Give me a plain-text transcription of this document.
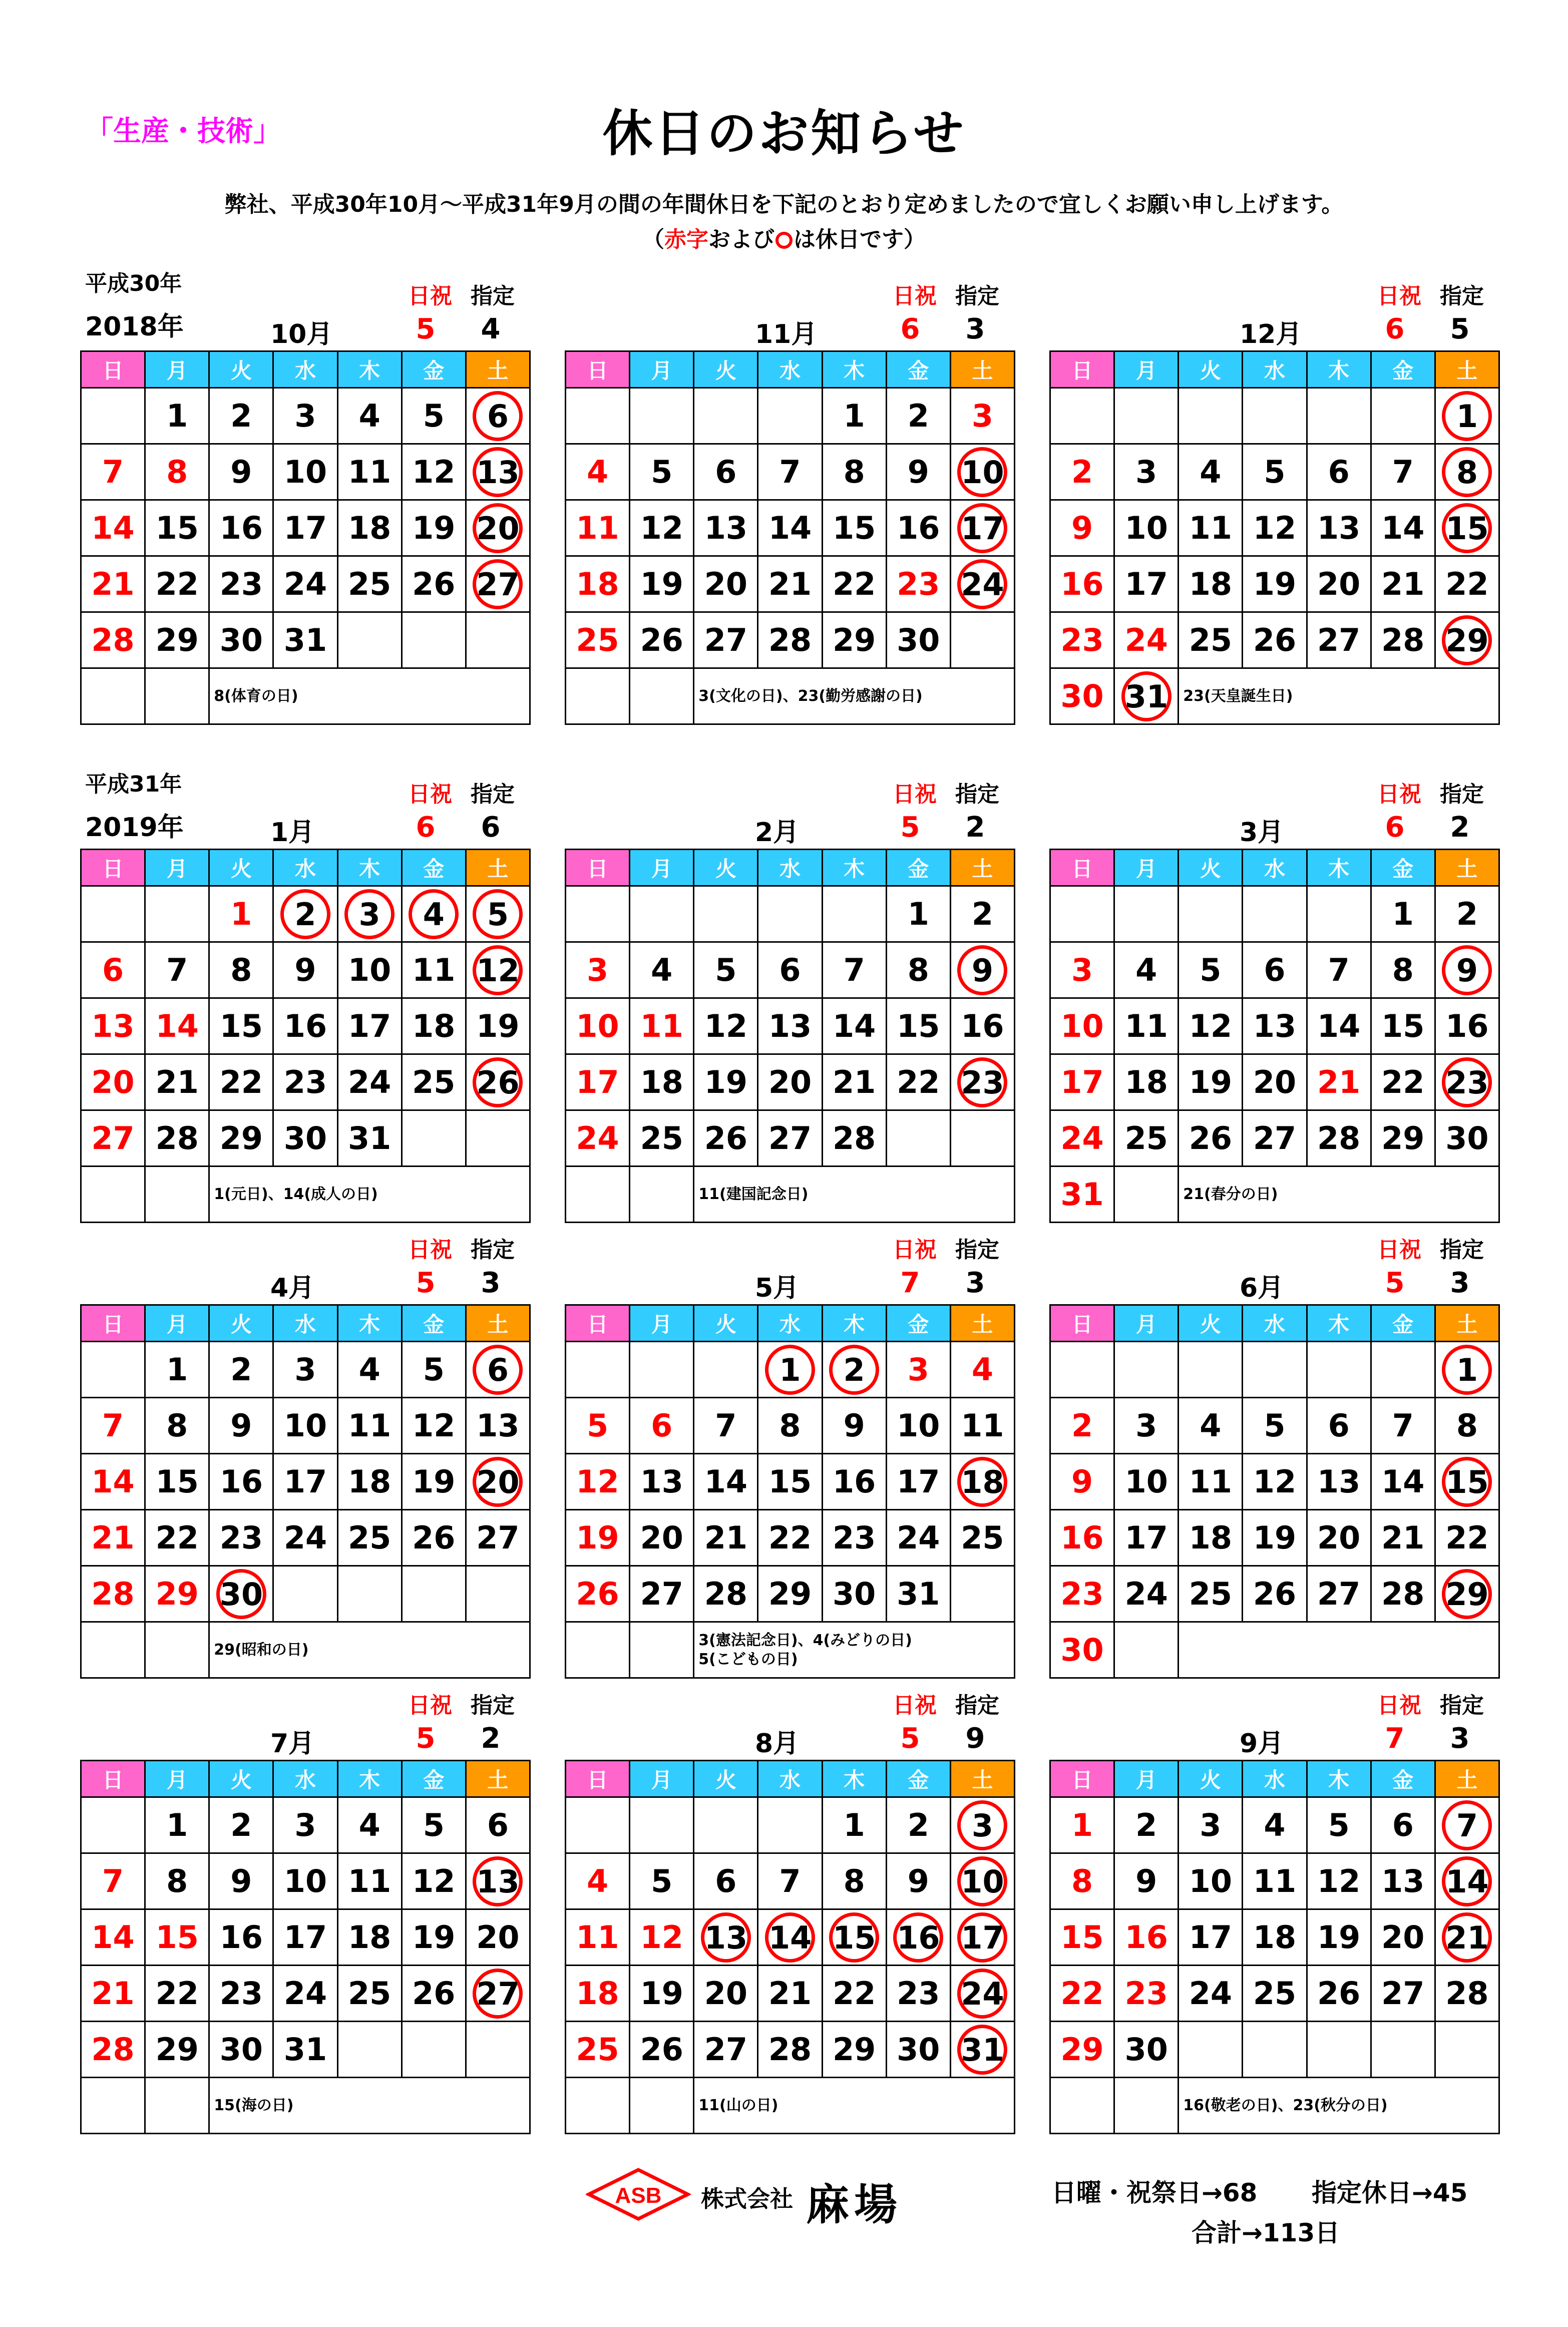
「生産・技術」	休日のお知らせ
弊社、平成30年10月～平成31年9月の間の年間休日を下記のとおり定めましたので宜しくお願い申し上げます。
（赤字および ○ は休日です）
平成30年
2018年
平成31年
2019年
日祝 指定
10月	5 4
日	月	火	水	木	金	土
	1	2	3	4	5	6
7	8	9	10	11	12	13
14	15	16	17	18	19	20
21	22	23	24	25	26	27
28	29	30	31			
		8(体育の日)				
日祝 指定
11月	6 3
日	月	火	水	木	金	土
				1	2	3
4	5	6	7	8	9	10
11	12	13	14	15	16	17
18	19	20	21	22	23	24
25	26	27	28	29	30	
		3(文化の日)、23(勤労感謝の日)				
日祝 指定
12月	6 5
日	月	火	水	木	金	土
						1
2	3	4	5	6	7	8
9	10	11	12	13	14	15
16	17	18	19	20	21	22
23	24	25	26	27	28	29
30	31	23(天皇誕生日)				
日祝 指定
1月	6 6
日	月	火	水	木	金	土
		1	2	3	4	5
6	7	8	9	10	11	12
13	14	15	16	17	18	19
20	21	22	23	24	25	26
27	28	29	30	31		
		1(元日)、14(成人の日)				
日祝 指定
2月	5 2
日	月	火	水	木	金	土
					1	2
3	4	5	6	7	8	9
10	11	12	13	14	15	16
17	18	19	20	21	22	23
24	25	26	27	28		
		11(建国記念日)				
日祝 指定
3月	6 2
日	月	火	水	木	金	土
					1	2
3	4	5	6	7	8	9
10	11	12	13	14	15	16
17	18	19	20	21	22	23
24	25	26	27	28	29	30
31		21(春分の日)				
日祝 指定
4月	5 3
日	月	火	水	木	金	土
	1	2	3	4	5	6
7	8	9	10	11	12	13
14	15	16	17	18	19	20
21	22	23	24	25	26	27
28	29	30				
		29(昭和の日)				
日祝 指定
5月	7 3
日	月	火	水	木	金	土
			1	2	3	4
5	6	7	8	9	10	11
12	13	14	15	16	17	18
19	20	21	22	23	24	25
26	27	28	29	30	31	
		3(憲法記念日)、4(みどりの日)
5(こどもの日)				
日祝 指定
6月	5 3
日	月	火	水	木	金	土
						1
2	3	4	5	6	7	8
9	10	11	12	13	14	15
16	17	18	19	20	21	22
23	24	25	26	27	28	29
30						
日祝 指定
7月	5 2
日	月	火	水	木	金	土
	1	2	3	4	5	6
7	8	9	10	11	12	13
14	15	16	17	18	19	20
21	22	23	24	25	26	27
28	29	30	31			
		15(海の日)				
日祝 指定
8月	5 9
日	月	火	水	木	金	土
				1	2	3
4	5	6	7	8	9	10
11	12	13	14	15	16	17
18	19	20	21	22	23	24
25	26	27	28	29	30	31
		11(山の日)				
日祝 指定
9月	7 3
日	月	火	水	木	金	土
1	2	3	4	5	6	7
8	9	10	11	12	13	14
15	16	17	18	19	20	21
22	23	24	25	26	27	28
29	30					
		16(敬老の日)、23(秋分の日)				
ASB 株式会社 麻場	日曜・祝祭日→68 指定休日→45
合計→113日
